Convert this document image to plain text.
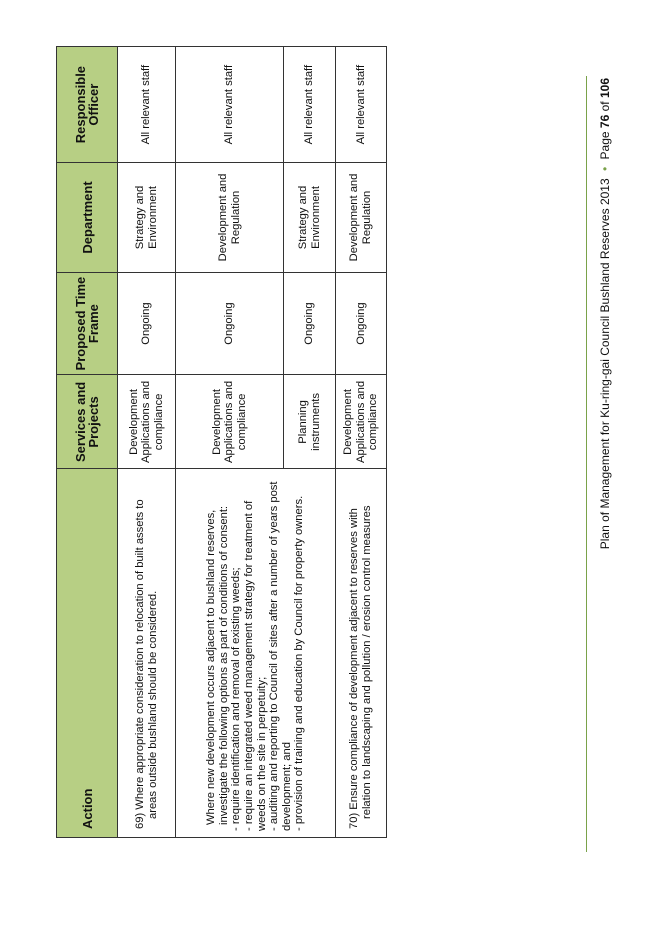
Action	Services and Projects	Proposed Time Frame	Department	Responsible Officer
69) Where appropriate consideration to relocation of built assets to areas outside bushland should be considered.	Development Applications and compliance	Ongoing	Strategy and Environment	All relevant staff

Where new development occurs adjacent to bushland reserves, investigate the following options as part of conditions of consent: - require identification and removal of existing weeds; - require an integrated weed management strategy for treatment of weeds on the site in perpetuity; - auditing and reporting to Council of sites after a number of years post development; and - provision of training and education by Council for property owners.	Development Applications and compliance	Ongoing	Development and Regulation	All relevant staff
	Planning instruments	Ongoing	Strategy and Environment	All relevant staff
70) Ensure compliance of development adjacent to reserves with relation to landscaping and pollution / erosion control measures	Development Applications and compliance	Ongoing	Development and Regulation	All relevant staff
Plan of Management for Ku-ring-gai Council Bushland Reserves 2013 • Page 76 of 106
